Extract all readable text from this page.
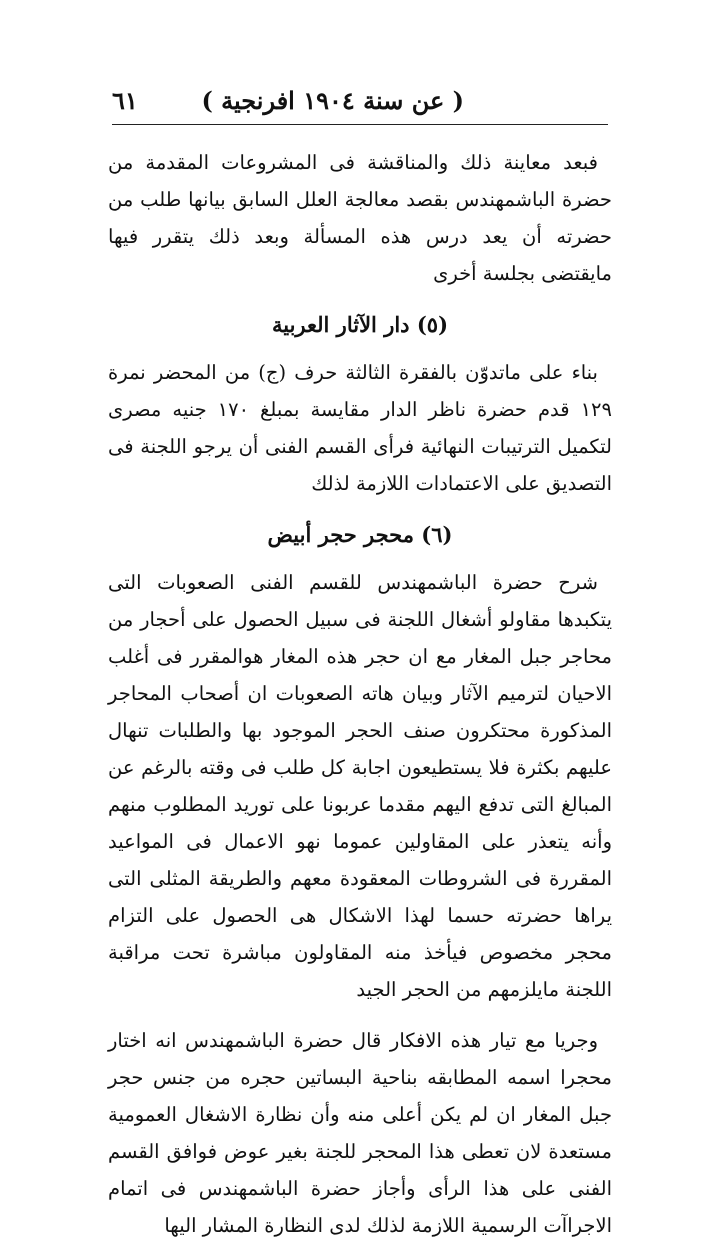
( عن سنة ١٩٠٤ افرنجية )
٦١

فبعد معاينة ذلك والمناقشة فى المشروعات المقدمة من حضرة الباشمهندس بقصد معالجة العلل السابق بيانها طلب من حضرته أن يعد درس هذه المسألة وبعد ذلك يتقرر فيها مايقتضى بجلسة أخرى

(٥) دار الآثار العربية

بناء على ماتدوّن بالفقرة الثالثة حرف (ج) من المحضر نمرة ١٢٩ قدم حضرة ناظر الدار مقايسة بمبلغ ١٧٠ جنيه مصرى لتكميل الترتيبات النهائية فرأى القسم الفنى أن يرجو اللجنة فى التصديق على الاعتمادات اللازمة لذلك

(٦) محجر حجر أبيض

شرح حضرة الباشمهندس للقسم الفنى الصعوبات التى يتكبدها مقاولو أشغال اللجنة فى سبيل الحصول على أحجار من محاجر جبل المغار مع ان حجر هذه المغار هوالمقرر فى أغلب الاحيان لترميم الآثار وبيان هاته الصعوبات ان أصحاب المحاجر المذكورة محتكرون صنف الحجر الموجود بها والطلبات تنهال عليهم بكثرة فلا يستطيعون اجابة كل طلب فى وقته بالرغم عن المبالغ التى تدفع اليهم مقدما عربونا على توريد المطلوب منهم وأنه يتعذر على المقاولين عموما نهو الاعمال فى المواعيد المقررة فى الشروطات المعقودة معهم والطريقة المثلى التى يراها حضرته حسما لهذا الاشكال هى الحصول على التزام محجر مخصوص فيأخذ منه المقاولون مباشرة تحت مراقبة اللجنة مايلزمهم من الحجر الجيد

وجريا مع تيار هذه الافكار قال حضرة الباشمهندس انه اختار محجرا اسمه المطابقه بناحية البساتين حجره من جنس حجر جبل المغار ان لم يكن أعلى منه وأن نظارة الاشغال العمومية مستعدة لان تعطى هذا المحجر للجنة بغير عوض فوافق القسم الفنى على هذا الرأى وأجاز حضرة الباشمهندس فى اتمام الاجراآت الرسمية اللازمة لذلك لدى النظارة المشار اليها
